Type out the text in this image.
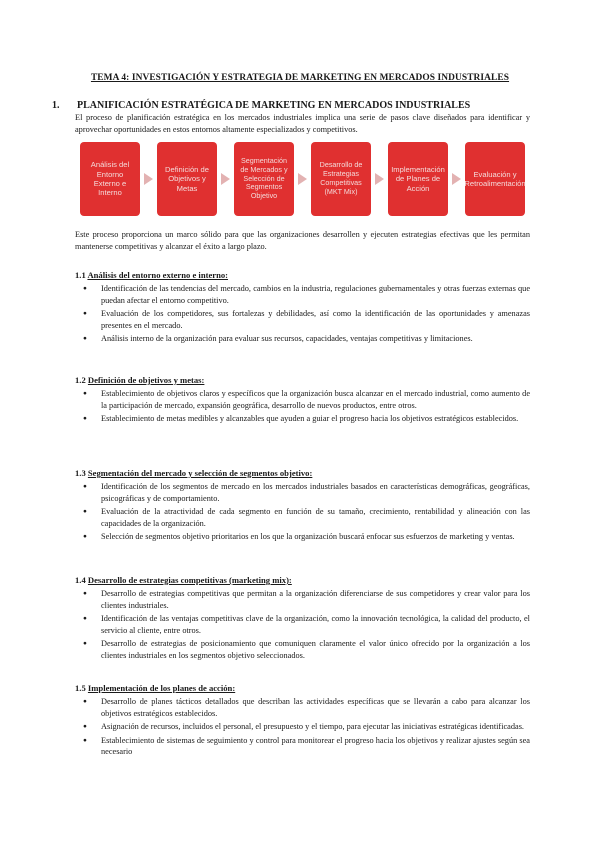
TEMA 4: INVESTIGACIÓN Y ESTRATEGIA DE MARKETING EN MERCADOS INDUSTRIALES
1. PLANIFICACIÓN ESTRATÉGICA DE MARKETING EN MERCADOS INDUSTRIALES
El proceso de planificación estratégica en los mercados industriales implica una serie de pasos clave diseñados para identificar y aprovechar oportunidades en estos entornos altamente especializados y competitivos.
Análisis del Entorno Externo e Interno
Definición de Objetivos y Metas
Segmentación de Mercados y Selección de Segmentos Objetivo
Desarrollo de Estrategias Competitivas (MKT Mix)
Implementación de Planes de Acción
Evaluación y Retroalimentación
Este proceso proporciona un marco sólido para que las organizaciones desarrollen y ejecuten estrategias efectivas que les permitan mantenerse competitivas y alcanzar el éxito a largo plazo.
1.1 Análisis del entorno externo e interno:
● Identificación de las tendencias del mercado, cambios en la industria, regulaciones gubernamentales y otras fuerzas externas que puedan afectar el entorno competitivo.
● Evaluación de los competidores, sus fortalezas y debilidades, así como la identificación de las oportunidades y amenazas presentes en el mercado.
● Análisis interno de la organización para evaluar sus recursos, capacidades, ventajas competitivas y limitaciones.
1.2 Definición de objetivos y metas:
● Establecimiento de objetivos claros y específicos que la organización busca alcanzar en el mercado industrial, como aumento de la participación de mercado, expansión geográfica, desarrollo de nuevos productos, entre otros.
● Establecimiento de metas medibles y alcanzables que ayuden a guiar el progreso hacia los objetivos estratégicos establecidos.
1.3 Segmentación del mercado y selección de segmentos objetivo:
● Identificación de los segmentos de mercado en los mercados industriales basados en características demográficas, geográficas, psicográficas y de comportamiento.
● Evaluación de la atractividad de cada segmento en función de su tamaño, crecimiento, rentabilidad y alineación con las capacidades de la organización.
● Selección de segmentos objetivo prioritarios en los que la organización buscará enfocar sus esfuerzos de marketing y ventas.
1.4 Desarrollo de estrategias competitivas (marketing mix):
● Desarrollo de estrategias competitivas que permitan a la organización diferenciarse de sus competidores y crear valor para los clientes industriales.
● Identificación de las ventajas competitivas clave de la organización, como la innovación tecnológica, la calidad del producto, el servicio al cliente, entre otros.
● Desarrollo de estrategias de posicionamiento que comuniquen claramente el valor único ofrecido por la organización a los clientes industriales en los segmentos objetivo seleccionados.
1.5 Implementación de los planes de acción:
● Desarrollo de planes tácticos detallados que describan las actividades específicas que se llevarán a cabo para alcanzar los objetivos estratégicos establecidos.
● Asignación de recursos, incluidos el personal, el presupuesto y el tiempo, para ejecutar las iniciativas estratégicas identificadas.
● Establecimiento de sistemas de seguimiento y control para monitorear el progreso hacia los objetivos y realizar ajustes según sea necesario
